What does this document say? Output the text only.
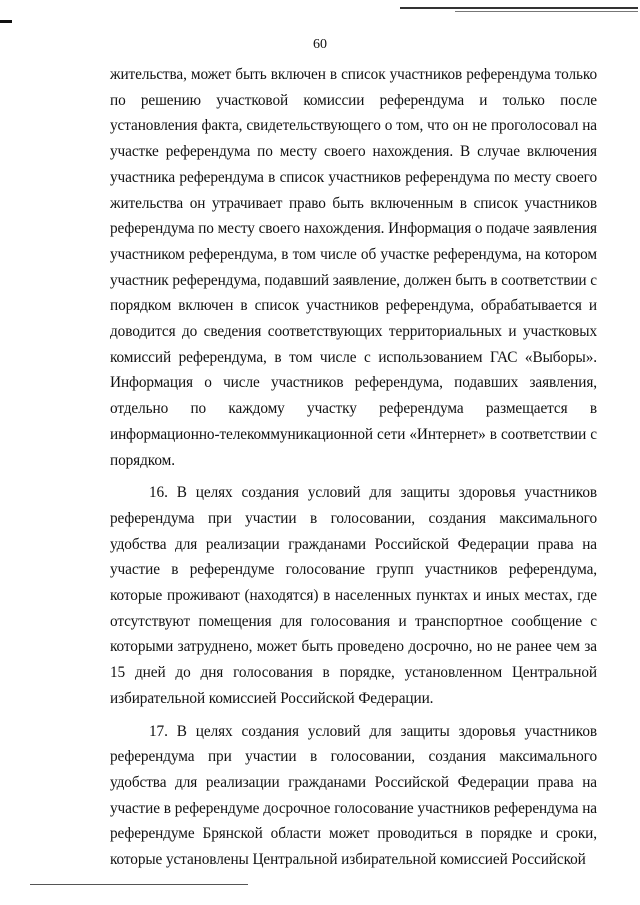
60

жительства, может быть включен в список участников референдума только по решению участковой комиссии референдума и только после установления факта, свидетельствующего о том, что он не проголосовал на участке референдума по месту своего нахождения. В случае включения участника референдума в список участников референдума по месту своего жительства он утрачивает право быть включенным в список участников референдума по месту своего нахождения. Информация о подаче заявления участником референдума, в том числе об участке референдума, на котором участник референдума, подавший заявление, должен быть в соответствии с порядком включен в список участников референдума, обрабатывается и доводится до сведения соответствующих территориальных и участковых комиссий референдума, в том числе с использованием ГАС «Выборы». Информация о числе участников референдума, подавших заявления, отдельно по каждому участку референдума размещается в информационно-телекоммуникационной сети «Интернет» в соответствии с порядком.

16. В целях создания условий для защиты здоровья участников референдума при участии в голосовании, создания максимального удобства для реализации гражданами Российской Федерации права на участие в референдуме голосование групп участников референдума, которые проживают (находятся) в населенных пунктах и иных местах, где отсутствуют помещения для голосования и транспортное сообщение с которыми затруднено, может быть проведено досрочно, но не ранее чем за 15 дней до дня голосования в порядке, установленном Центральной избирательной комиссией Российской Федерации.

17. В целях создания условий для защиты здоровья участников референдума при участии в голосовании, создания максимального удобства для реализации гражданами Российской Федерации права на участие в референдуме досрочное голосование участников референдума на референдуме Брянской области может проводиться в порядке и сроки, которые установлены Центральной избирательной комиссией Российской
